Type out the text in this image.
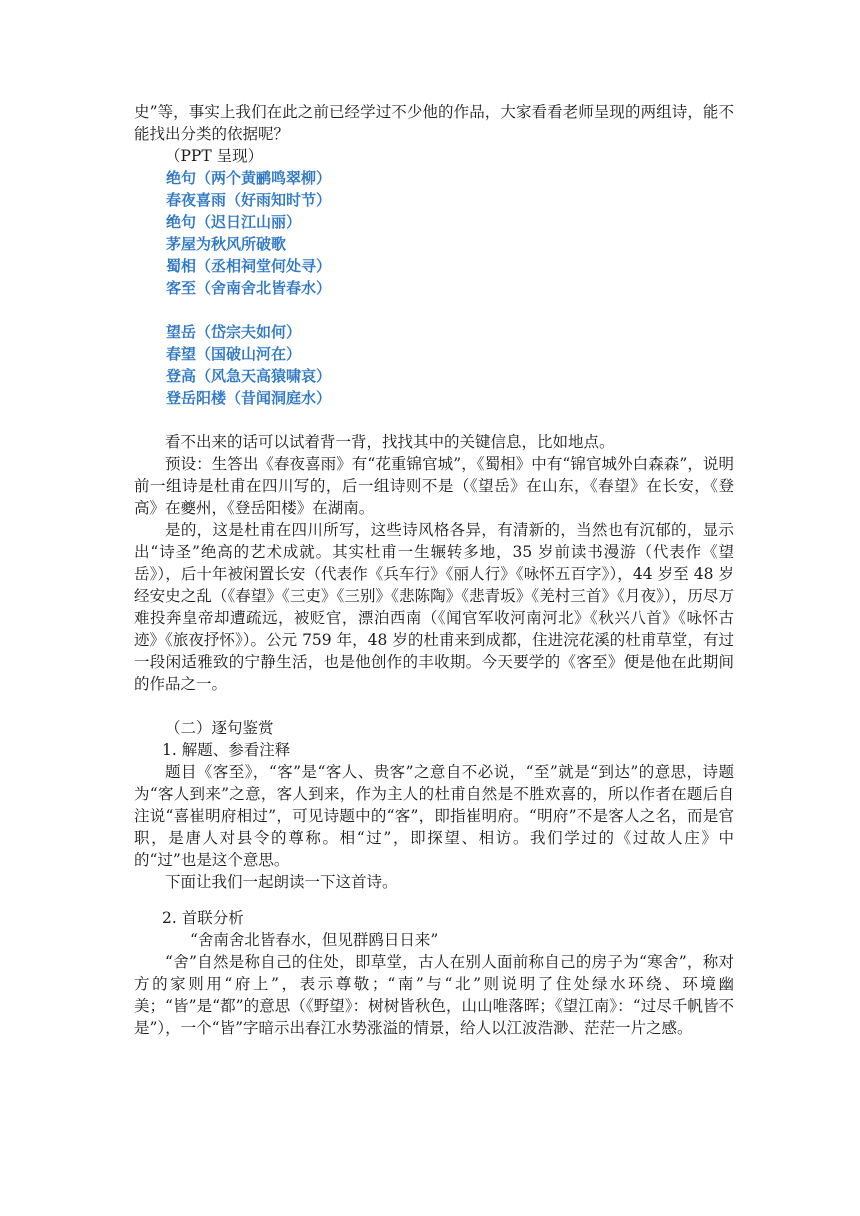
史”等，事实上我们在此之前已经学过不少他的作品，大家看看老师呈现的两组诗，能不能找出分类的依据呢？

（PPT 呈现）

绝句（两个黄鹂鸣翠柳）
春夜喜雨（好雨知时节）
绝句（迟日江山丽）
茅屋为秋风所破歌
蜀相（丞相祠堂何处寻）
客至（舍南舍北皆春水）
望岳（岱宗夫如何）
春望（国破山河在）
登高（风急天高猿啸哀）
登岳阳楼（昔闻洞庭水）

看不出来的话可以试着背一背，找找其中的关键信息，比如地点。

预设：生答出《春夜喜雨》有“花重锦官城”，《蜀相》中有“锦官城外白森森”，说明前一组诗是杜甫在四川写的，后一组诗则不是（《望岳》在山东，《春望》在长安，《登高》在夔州，《登岳阳楼》在湖南。

是的，这是杜甫在四川所写，这些诗风格各异，有清新的，当然也有沉郁的，显示出“诗圣”绝高的艺术成就。其实杜甫一生辗转多地，35 岁前读书漫游（代表作《望岳》），后十年被闲置长安（代表作《兵车行》《丽人行》《咏怀五百字》），44 岁至 48 岁经安史之乱（《春望》《三吏》《三别》《悲陈陶》《悲青坂》《羌村三首》《月夜》），历尽万难投奔皇帝却遭疏远，被贬官，漂泊西南（《闻官军收河南河北》《秋兴八首》《咏怀古迹》《旅夜抒怀》）。公元 759 年，48 岁的杜甫来到成都，住进浣花溪的杜甫草堂，有过一段闲适雅致的宁静生活，也是他创作的丰收期。今天要学的《客至》便是他在此期间的作品之一。

（二）逐句鉴赏

1. 解题、参看注释

题目《客至》，“客”是“客人、贵客”之意自不必说，“至”就是“到达”的意思，诗题为“客人到来”之意，客人到来，作为主人的杜甫自然是不胜欢喜的，所以作者在题后自注说“喜崔明府相过”，可见诗题中的“客”，即指崔明府。“明府”不是客人之名，而是官职，是唐人对县令的尊称。相“过”，即探望、相访。我们学过的《过故人庄》中的“过”也是这个意思。

下面让我们一起朗读一下这首诗。

2. 首联分析

“舍南舍北皆春水，但见群鸥日日来”

“舍”自然是称自己的住处，即草堂，古人在别人面前称自己的房子为“寒舍”，称对方的家则用“府上”，表示尊敬；“南”与“北”则说明了住处绿水环绕、环境幽美；“皆”是“都”的意思（《野望》：树树皆秋色，山山唯落晖；《望江南》：“过尽千帆皆不是”），一个“皆”字暗示出春江水势涨溢的情景，给人以江波浩渺、茫茫一片之感。
